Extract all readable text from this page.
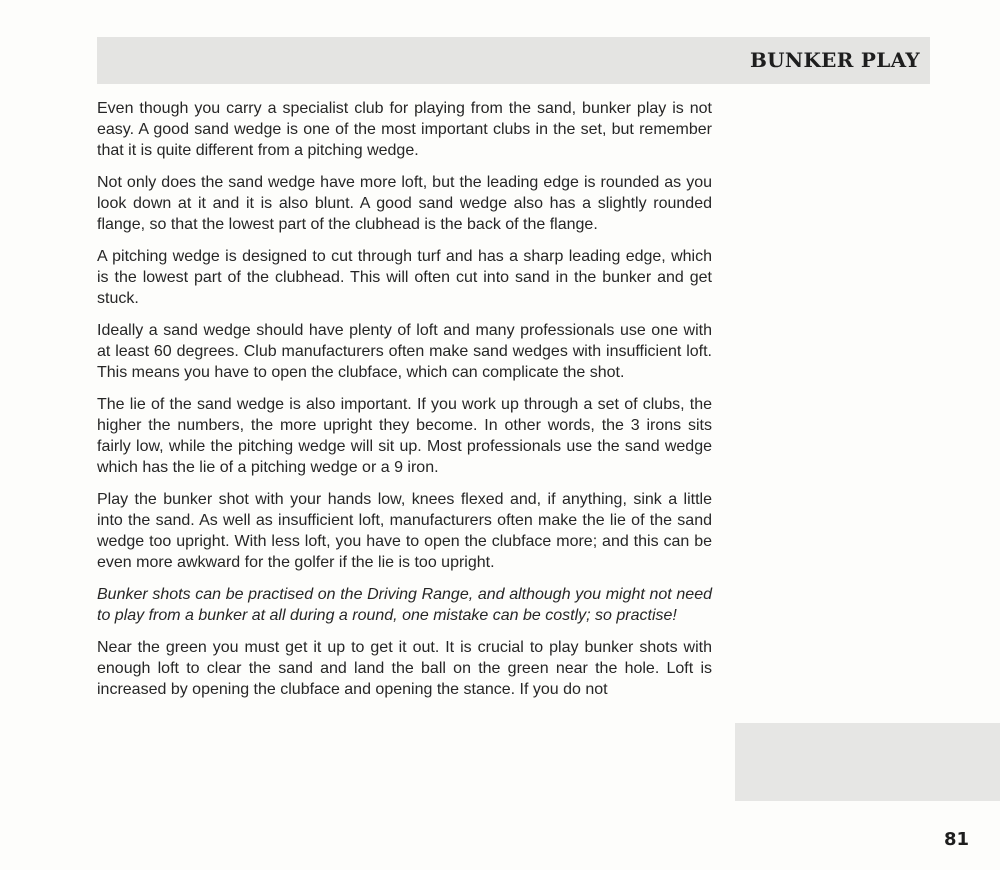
BUNKER PLAY

Even though you carry a specialist club for playing from the sand, bunker play is not easy. A good sand wedge is one of the most important clubs in the set, but remember that it is quite different from a pitching wedge.

Not only does the sand wedge have more loft, but the leading edge is rounded as you look down at it and it is also blunt. A good sand wedge also has a slightly rounded flange, so that the lowest part of the clubhead is the back of the flange.

A pitching wedge is designed to cut through turf and has a sharp leading edge, which is the lowest part of the clubhead. This will often cut into sand in the bunker and get stuck.

Ideally a sand wedge should have plenty of loft and many professionals use one with at least 60 degrees. Club manufacturers often make sand wedges with insufficient loft. This means you have to open the clubface, which can complicate the shot.

The lie of the sand wedge is also important. If you work up through a set of clubs, the higher the numbers, the more upright they become. In other words, the 3 irons sits fairly low, while the pitching wedge will sit up. Most professionals use the sand wedge which has the lie of a pitching wedge or a 9 iron.

Play the bunker shot with your hands low, knees flexed and, if anything, sink a little into the sand. As well as insufficient loft, manufacturers often make the lie of the sand wedge too upright. With less loft, you have to open the clubface more; and this can be even more awkward for the golfer if the lie is too upright.

Bunker shots can be practised on the Driving Range, and although you might not need to play from a bunker at all during a round, one mistake can be costly; so practise!

Near the green you must get it up to get it out. It is crucial to play bunker shots with enough loft to clear the sand and land the ball on the green near the hole. Loft is increased by opening the clubface and opening the stance. If you do not

81
